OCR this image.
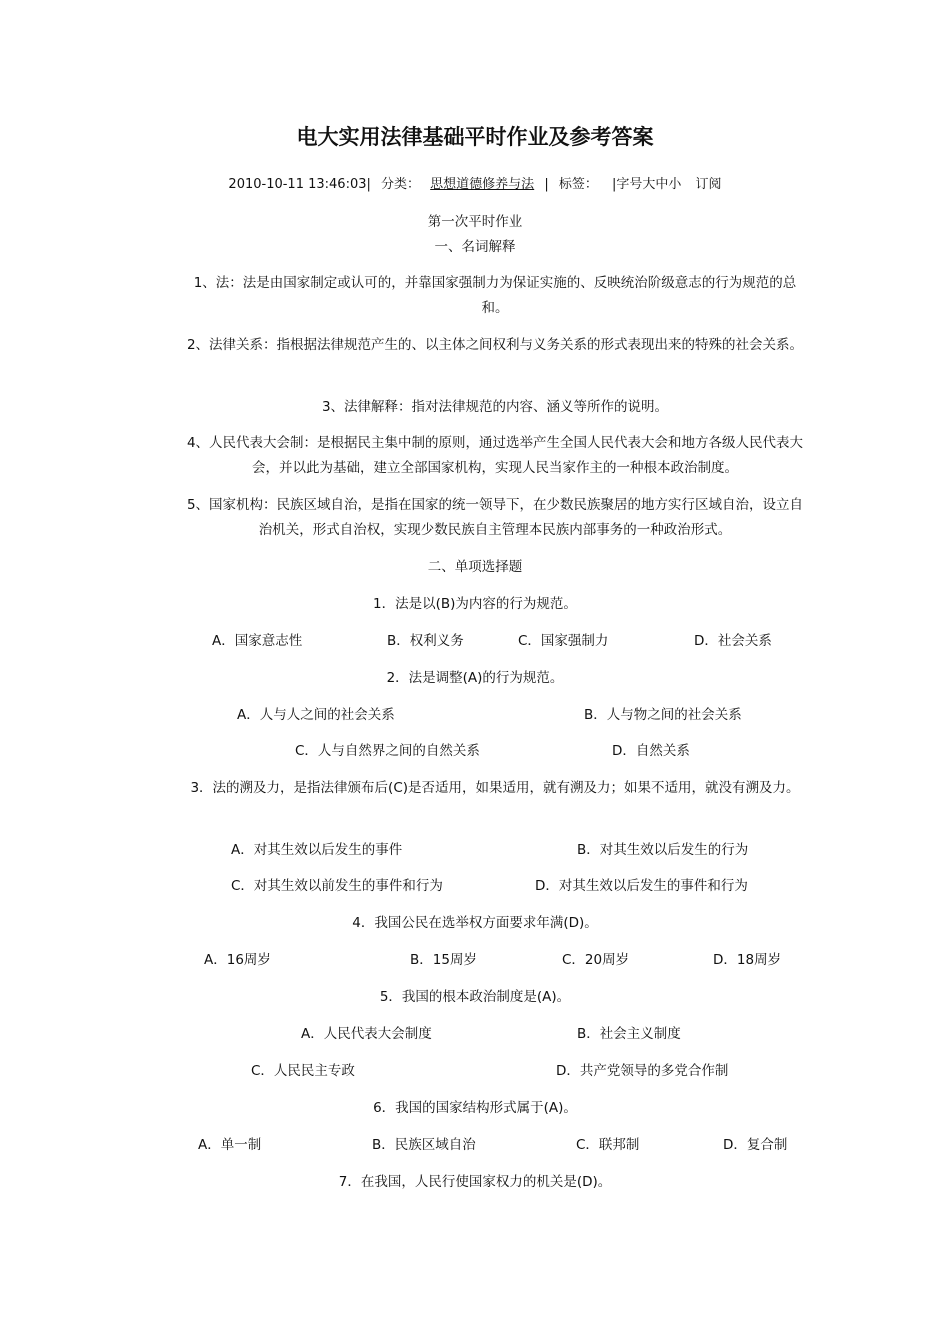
电大实用法律基础平时作业及参考答案
2010-10-11 13:46:03| 分类： 思想道德修养与法 | 标签： |字号大中小 订阅
第一次平时作业
一、名词解释
1、法：法是由国家制定或认可的，并靠国家强制力为保证实施的、反映统治阶级意志的行为规范的总和。
2、法律关系：指根据法律规范产生的、以主体之间权利与义务关系的形式表现出来的特殊的社会关系。
3、法律解释：指对法律规范的内容、涵义等所作的说明。
4、人民代表大会制：是根据民主集中制的原则，通过选举产生全国人民代表大会和地方各级人民代表大会，并以此为基础，建立全部国家机构，实现人民当家作主的一种根本政治制度。
5、国家机构：民族区域自治，是指在国家的统一领导下，在少数民族聚居的地方实行区域自治，设立自治机关，形式自治权，实现少数民族自主管理本民族内部事务的一种政治形式。
二、单项选择题
1．法是以(B)为内容的行为规范。
A．国家意志性	B．权利义务	C．国家强制力	D．社会关系
2．法是调整(A)的行为规范。
A．人与人之间的社会关系	B．人与物之间的社会关系
C．人与自然界之间的自然关系	D．自然关系
3．法的溯及力，是指法律颁布后(C)是否适用，如果适用，就有溯及力；如果不适用，就没有溯及力。
A．对其生效以后发生的事件	B．对其生效以后发生的行为
C．对其生效以前发生的事件和行为	D．对其生效以后发生的事件和行为
4．我国公民在选举权方面要求年满(D)。
A．16周岁	B．15周岁	C．20周岁	D．18周岁
5．我国的根本政治制度是(A)。
A．人民代表大会制度	B．社会主义制度
C．人民民主专政	D．共产党领导的多党合作制
6．我国的国家结构形式属于(A)。
A．单一制	B．民族区域自治	C．联邦制	D．复合制
7．在我国，人民行使国家权力的机关是(D)。
